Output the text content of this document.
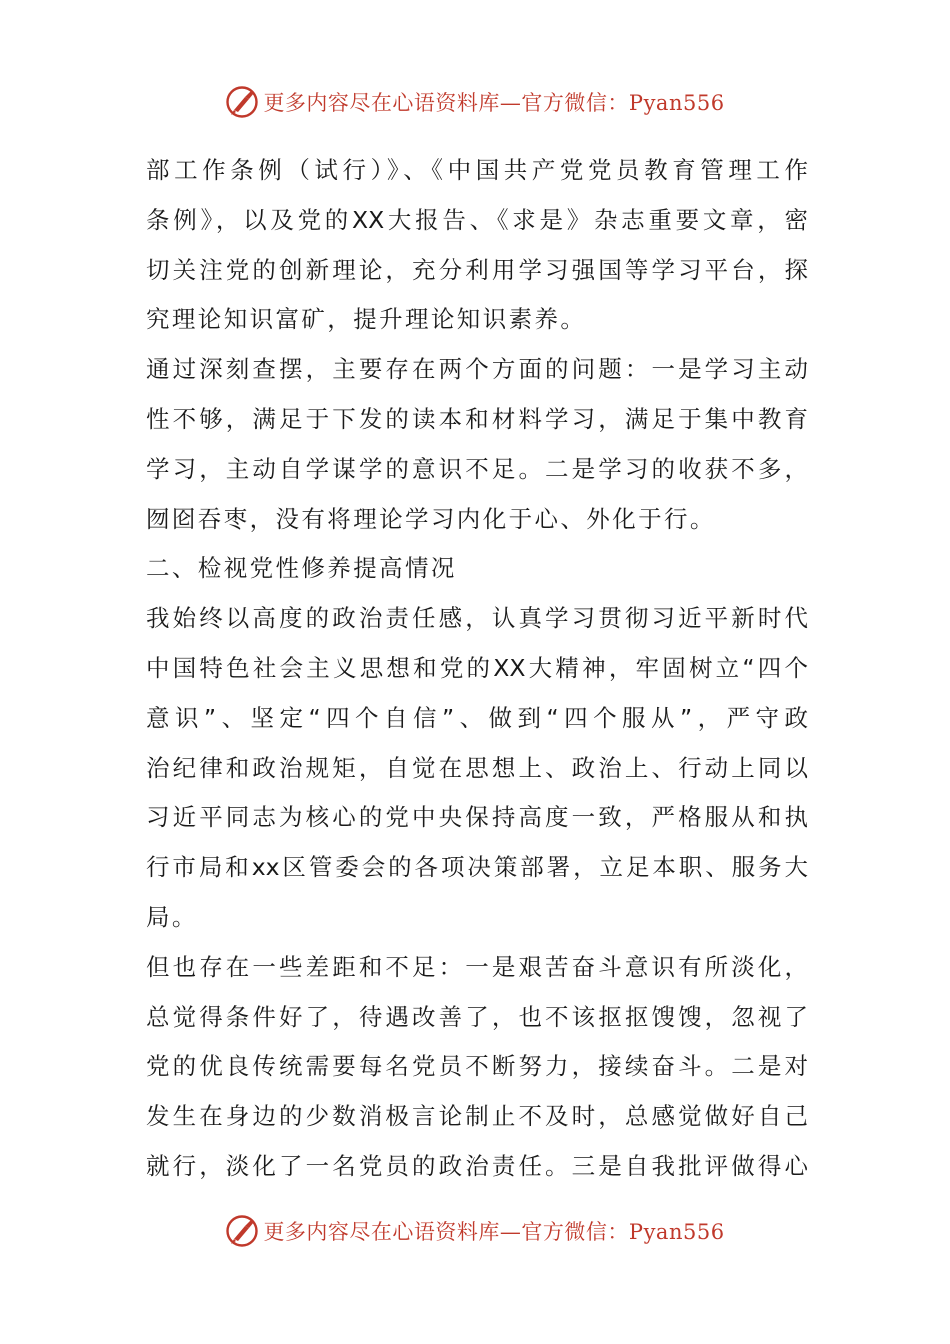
更多内容尽在心语资料库—官方微信：Pyan556
部工作条例（试行）》、《中国共产党党员教育管理工作
条例》，以及党的XX大报告、《求是》杂志重要文章，密
切关注党的创新理论，充分利用学习强国等学习平台，探
究理论知识富矿，提升理论知识素养。
通过深刻查摆，主要存在两个方面的问题：一是学习主动
性不够，满足于下发的读本和材料学习，满足于集中教育
学习，主动自学谋学的意识不足。二是学习的收获不多，
囫囵吞枣，没有将理论学习内化于心、外化于行。
二、检视党性修养提高情况
我始终以高度的政治责任感，认真学习贯彻习近平新时代
中国特色社会主义思想和党的XX大精神，牢固树立“四个
意识”、坚定“四个自信”、做到“四个服从”，严守政
治纪律和政治规矩，自觉在思想上、政治上、行动上同以
习近平同志为核心的党中央保持高度一致，严格服从和执
行市局和xx区管委会的各项决策部署，立足本职、服务大
局。
但也存在一些差距和不足：一是艰苦奋斗意识有所淡化，
总觉得条件好了，待遇改善了，也不该抠抠馊馊，忽视了
党的优良传统需要每名党员不断努力，接续奋斗。二是对
发生在身边的少数消极言论制止不及时，总感觉做好自己
就行，淡化了一名党员的政治责任。三是自我批评做得心
更多内容尽在心语资料库—官方微信：Pyan556
